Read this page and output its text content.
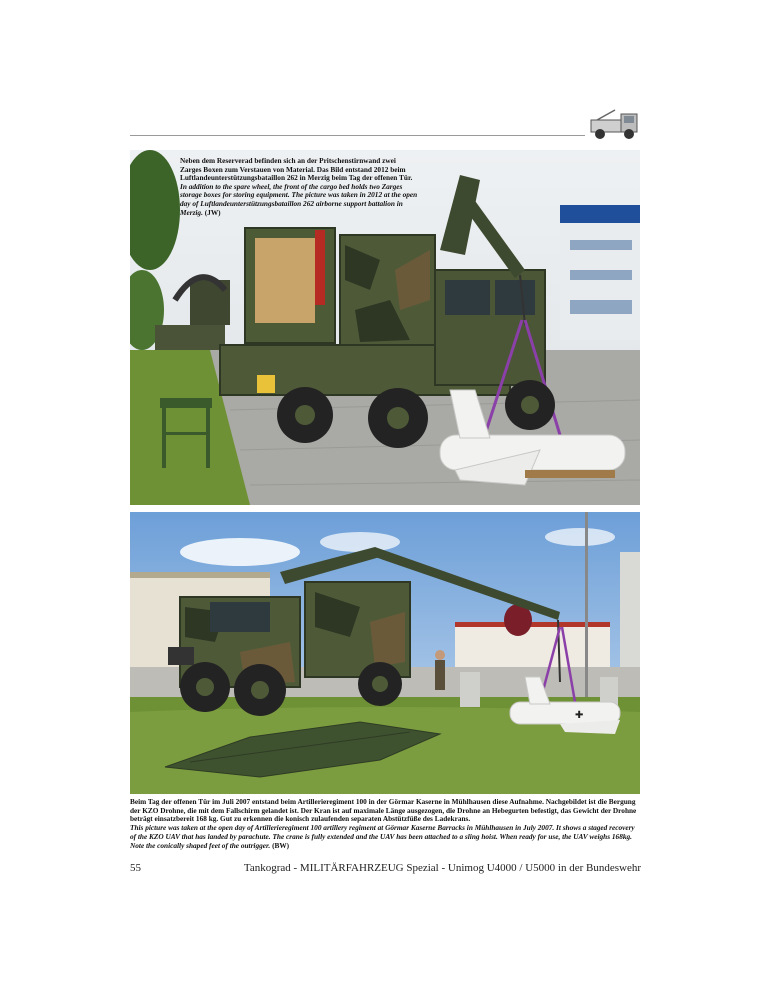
Neben dem Reserverad befinden sich an der Pritschenstirnwand zwei Zarges Boxen zum Verstauen von Material. Das Bild entstand 2012 beim Luftlandeunterstützungsbataillon 262 in Merzig beim Tag der offenen Tür.
In addition to the spare wheel, the front of the cargo bed holds two Zarges storage boxes for storing equipment. The picture was taken in 2012 at the open day of Luftlandeunterstützungsbataillon 262 airborne support battalion in Merzig. (JW)
✚
Beim Tag der offenen Tür im Juli 2007 entstand beim Artillerieregiment 100 in der Görmar Kaserne in Mühlhausen diese Aufnahme. Nachgebildet ist die Bergung der KZO Drohne, die mit dem Fallschirm gelandet ist. Der Kran ist auf maximale Länge ausgezogen, die Drohne an Hebegurten befestigt, das Gewicht der Drohne beträgt einsatzbereit 168 kg. Gut zu erkennen die konisch zulaufenden separaten Abstützfüße des Ladekrans.
This picture was taken at the open day of Artillerieregiment 100 artillery regiment at Görmar Kaserne Barracks in Mühlhausen in July 2007. It shows a staged recovery of the KZO UAV that has landed by parachute. The crane is fully extended and the UAV has been attached to a sling hoist. When ready for use, the UAV weighs 168kg. Note the conically shaped feet of the outrigger. (BW)
55	Tankograd - MILITÄRFAHRZEUG Spezial - Unimog U4000 / U5000 in der Bundeswehr
